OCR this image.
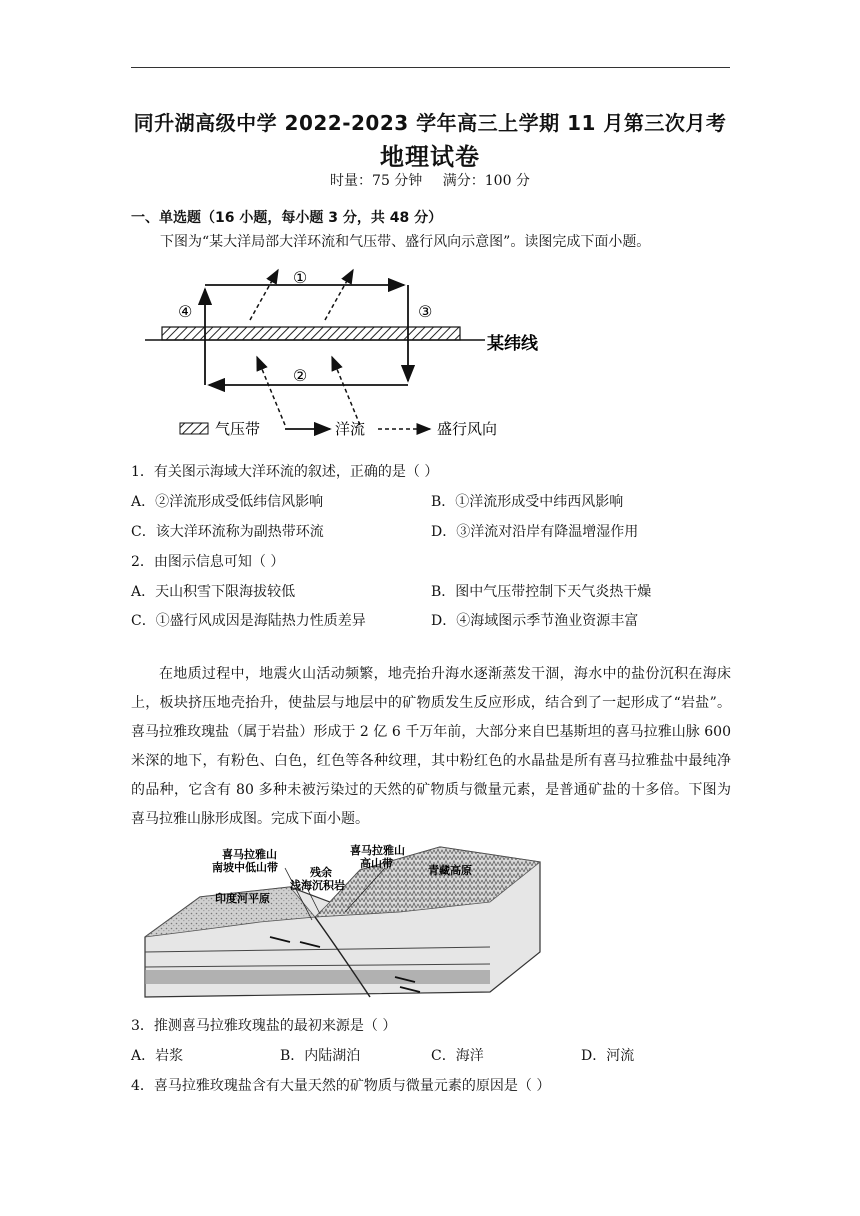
同升湖高级中学 2022-2023 学年高三上学期 11 月第三次月考
地理试卷
时量：75 分钟 满分：100 分
一、单选题（16 小题，每小题 3 分，共 48 分）
下图为“某大洋局部大洋环流和气压带、盛行风向示意图”。读图完成下面小题。
①
②
③
④
某纬线
气压带	洋流	盛行风向
1．有关图示海域大洋环流的叙述，正确的是（ ）
A．②洋流形成受低纬信风影响	B．①洋流形成受中纬西风影响
C．该大洋环流称为副热带环流	D．③洋流对沿岸有降温增湿作用
2．由图示信息可知（ ）
A．天山积雪下限海拔较低	B．图中气压带控制下天气炎热干燥
C．①盛行风成因是海陆热力性质差异	D．④海域图示季节渔业资源丰富

在地质过程中，地震火山活动频繁，地壳抬升海水逐渐蒸发干涸，海水中的盐份沉积在海床上，板块挤压地壳抬升，使盐层与地层中的矿物质发生反应形成，结合到了一起形成了“岩盐”。喜马拉雅玫瑰盐（属于岩盐）形成于 2 亿 6 千万年前，大部分来自巴基斯坦的喜马拉雅山脉 600 米深的地下，有粉色、白色，红色等各种纹理，其中粉红色的水晶盐是所有喜马拉雅盐中最纯净的品种，它含有 80 多种未被污染过的天然的矿物质与微量元素，是普通矿盐的十多倍。下图为喜马拉雅山脉形成图。完成下面小题。

喜马拉雅山南坡中低山带
喜马拉雅山高山带
残余浅海沉积岩
青藏高原
印度河平原
3．推测喜马拉雅玫瑰盐的最初来源是（ ）
A．岩浆	B．内陆湖泊	C．海洋	D．河流
4．喜马拉雅玫瑰盐含有大量天然的矿物质与微量元素的原因是（ ）
